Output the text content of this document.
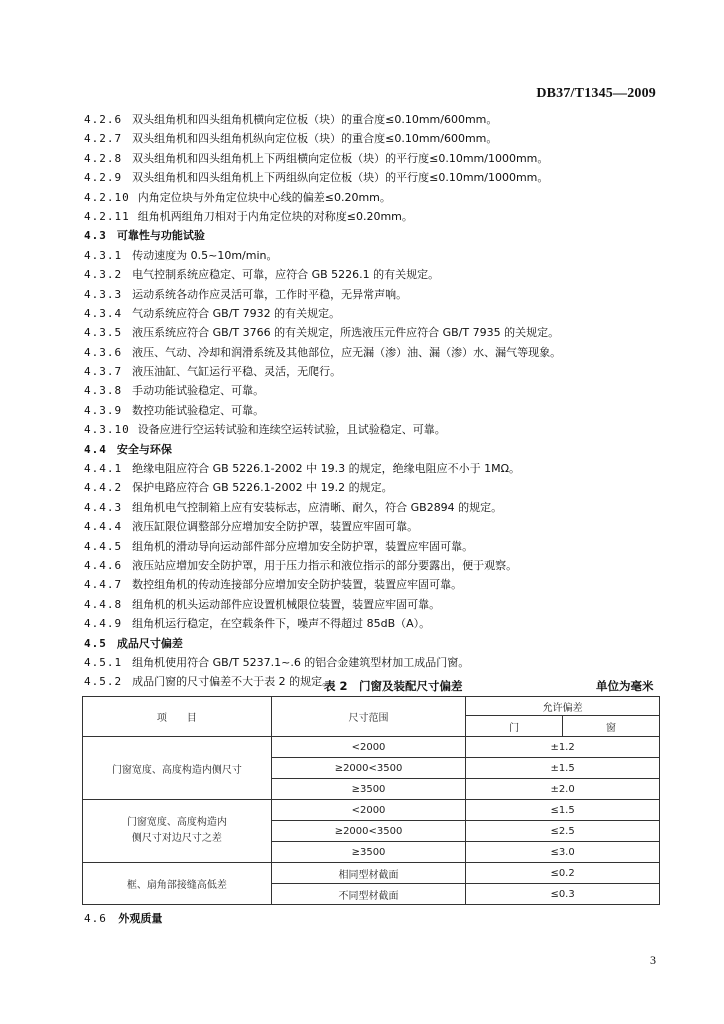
DB37/T1345—2009
4.2.6 双头组角机和四头组角机横向定位板（块）的重合度≤0.10mm/600mm。
4.2.7 双头组角机和四头组角机纵向定位板（块）的重合度≤0.10mm/600mm。
4.2.8 双头组角机和四头组角机上下两组横向定位板（块）的平行度≤0.10mm/1000mm。
4.2.9 双头组角机和四头组角机上下两组纵向定位板（块）的平行度≤0.10mm/1000mm。
4.2.10 内角定位块与外角定位块中心线的偏差≤0.20mm。
4.2.11 组角机两组角刀相对于内角定位块的对称度≤0.20mm。
4.3 可靠性与功能试验
4.3.1 传动速度为 0.5~10m/min。
4.3.2 电气控制系统应稳定、可靠，应符合 GB 5226.1 的有关规定。
4.3.3 运动系统各动作应灵活可靠，工作时平稳，无异常声响。
4.3.4 气动系统应符合 GB/T 7932 的有关规定。
4.3.5 液压系统应符合 GB/T 3766 的有关规定，所选液压元件应符合 GB/T 7935 的关规定。
4.3.6 液压、气动、冷却和润滑系统及其他部位，应无漏（渗）油、漏（渗）水、漏气等现象。
4.3.7 液压油缸、气缸运行平稳、灵活，无爬行。
4.3.8 手动功能试验稳定、可靠。
4.3.9 数控功能试验稳定、可靠。
4.3.10 设备应进行空运转试验和连续空运转试验，且试验稳定、可靠。
4.4 安全与环保
4.4.1 绝缘电阻应符合 GB 5226.1-2002 中 19.3 的规定，绝缘电阻应不小于 1MΩ。
4.4.2 保护电路应符合 GB 5226.1-2002 中 19.2 的规定。
4.4.3 组角机电气控制箱上应有安装标志，应清晰、耐久，符合 GB2894 的规定。
4.4.4 液压缸限位调整部分应增加安全防护罩，装置应牢固可靠。
4.4.5 组角机的滑动导向运动部件部分应增加安全防护罩，装置应牢固可靠。
4.4.6 液压站应增加安全防护罩，用于压力指示和液位指示的部分要露出，便于观察。
4.4.7 数控组角机的传动连接部分应增加安全防护装置，装置应牢固可靠。
4.4.8 组角机的机头运动部件应设置机械限位装置，装置应牢固可靠。
4.4.9 组角机运行稳定，在空载条件下，噪声不得超过 85dB（A）。
4.5 成品尺寸偏差
4.5.1 组角机使用符合 GB/T 5237.1~.6 的铝合金建筑型材加工成品门窗。
4.5.2 成品门窗的尺寸偏差不大于表 2 的规定。
表 2　门窗及装配尺寸偏差	单位为毫米
项　　目	尺寸范围	允许偏差	
		门	窗
门窗宽度、高度构造内侧尺寸	<2000	±1.2	
	≥2000<3500	±1.5	
	≥3500	±2.0	
门窗宽度、高度构造内侧尺寸对边尺寸之差	<2000	≤1.5	
	≥2000<3500	≤2.5	
	≥3500	≤3.0	
框、扇角部接缝高低差	相同型材截面	≤0.2	
	不同型材截面	≤0.3	
4.6 外观质量
3
